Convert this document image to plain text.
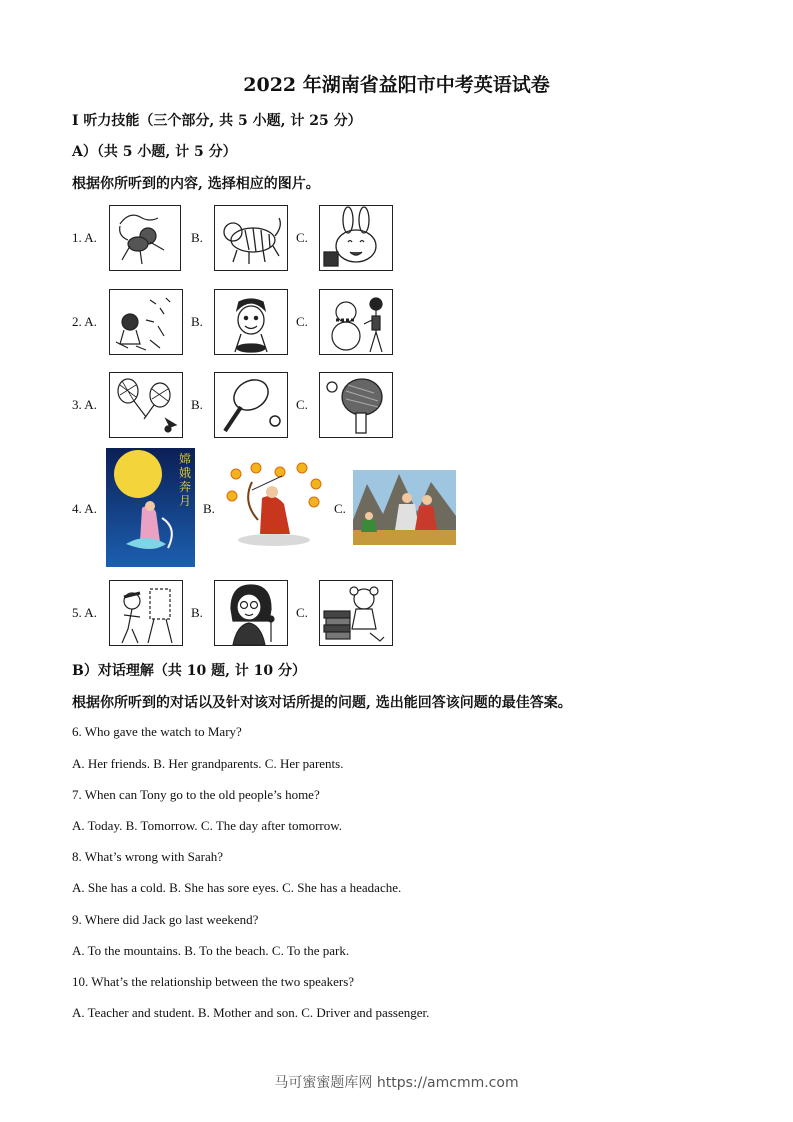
2022 年湖南省益阳市中考英语试卷
I 听力技能（三个部分, 共 5 小题, 计 25 分）
A）（共 5 小题, 计 5 分）
根据你所听到的内容, 选择相应的图片。
1. A.	B.	C.
2. A.	B.	C.
3. A.	B.	C.
4. A.
嫦娥奔月 B.	C.
5. A.	B.	C.
B）对话理解（共 10 题, 计 10 分）
根据你所听到的对话以及针对该对话所提的问题, 选出能回答该问题的最佳答案。
6. Who gave the watch to Mary?
A. Her friends. B. Her grandparents. C. Her parents.
7. When can Tony go to the old people’s home?
A. Today. B. Tomorrow. C. The day after tomorrow.
8. What’s wrong with Sarah?
A. She has a cold. B. She has sore eyes. C. She has a headache.
9. Where did Jack go last weekend?
A. To the mountains. B. To the beach. C. To the park.
10. What’s the relationship between the two speakers?
A. Teacher and student. B. Mother and son. C. Driver and passenger.
马可蜜蜜题库网 https://amcmm.com
